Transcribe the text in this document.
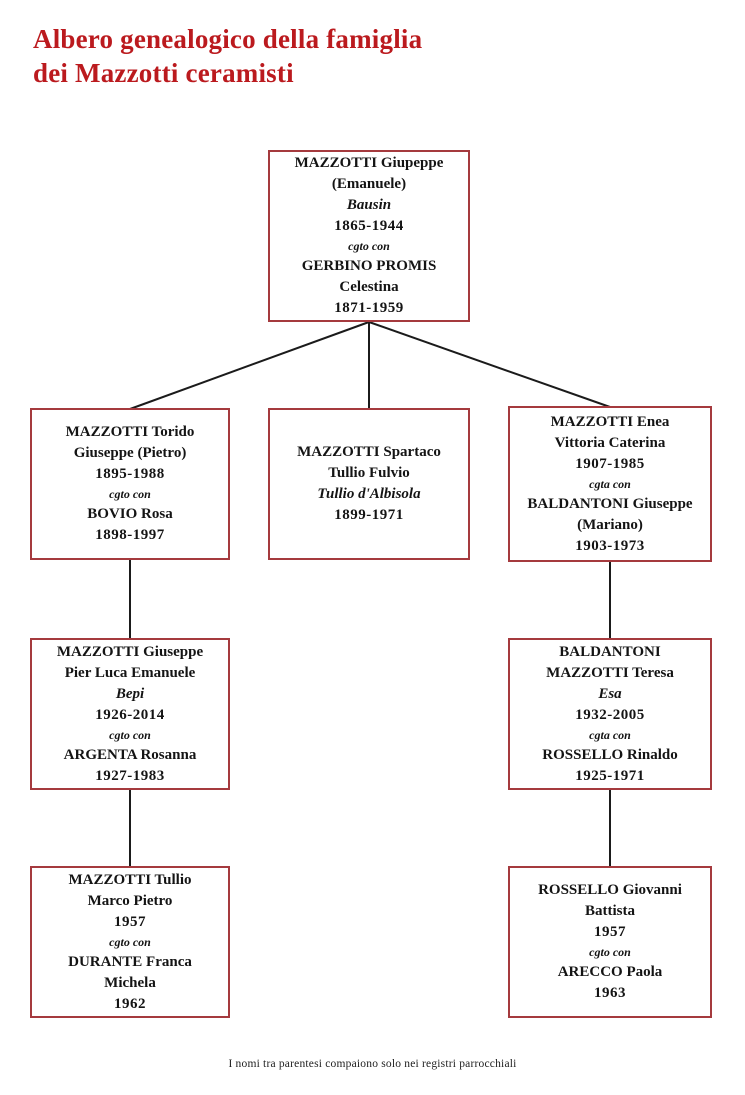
Albero genealogico della famiglia
dei Mazzotti ceramisti
MAZZOTTI Giupeppe
(Emanuele)
Bausin
1865-1944
cgto con
GERBINO PROMIS
Celestina
1871-1959
MAZZOTTI Torido
Giuseppe (Pietro)
1895-1988
cgto con
BOVIO Rosa
1898-1997
MAZZOTTI Spartaco
Tullio Fulvio
Tullio d'Albisola
1899-1971
MAZZOTTI Enea
Vittoria Caterina
1907-1985
cgta con
BALDANTONI Giuseppe
(Mariano)
1903-1973
MAZZOTTI Giuseppe
Pier Luca Emanuele
Bepi
1926-2014
cgto con
ARGENTA Rosanna
1927-1983
BALDANTONI
MAZZOTTI Teresa
Esa
1932-2005
cgta con
ROSSELLO Rinaldo
1925-1971
MAZZOTTI Tullio
Marco Pietro
1957
cgto con
DURANTE Franca
Michela
1962
ROSSELLO Giovanni
Battista
1957
cgto con
ARECCO Paola
1963
I nomi tra parentesi compaiono solo nei registri parrocchiali
